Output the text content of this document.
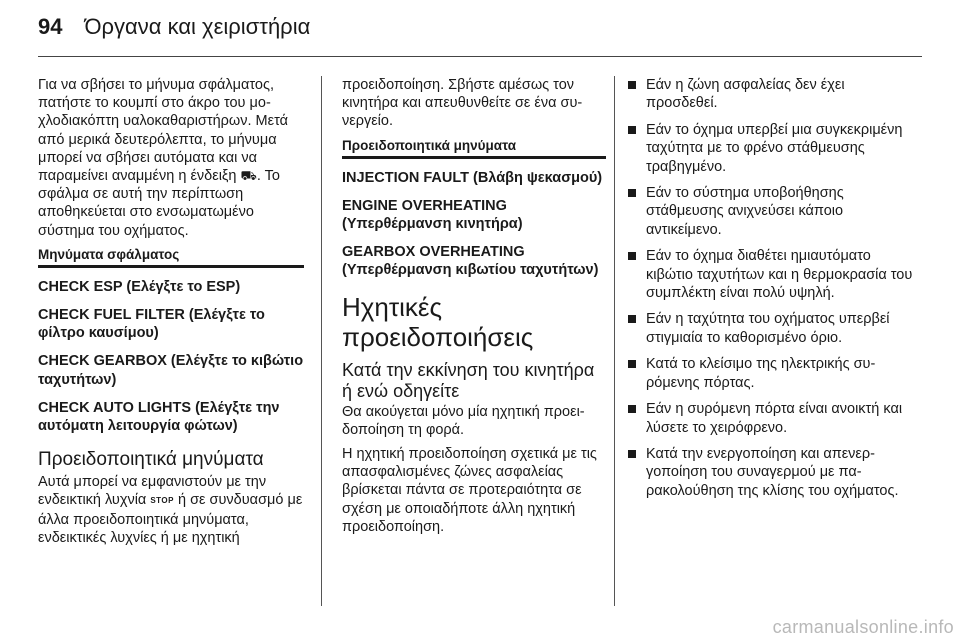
94 Όργανα και χειριστήρια

Για να σβήσει το μήνυμα σφάλματος, πατήστε το κουμπί στο άκρο του μοχλοδιακόπτη υαλοκαθαριστήρων. Μετά από μερικά δευτερόλεπτα, το μήνυμα μπορεί να σβήσει αυτόματα και να παραμείνει αναμμένη η ένδειξη ⛟︎. Το σφάλμα σε αυτή την περίπτωση αποθηκεύεται στο ενσωματωμένο σύστημα του οχήματος.

Μηνύματα σφάλματος
CHECK ESP (Ελέγξτε το ESP)
CHECK FUEL FILTER (Ελέγξτε το φίλτρο καυσίμου)
CHECK GEARBOX (Ελέγξτε το κιβώτιο ταχυτήτων)
CHECK AUTO LIGHTS (Ελέγξτε την αυτόματη λειτουργία φώτων)
Προειδοποιητικά μηνύματα

Αυτά μπορεί να εμφανιστούν με την ενδεικτική λυχνία STOP ή σε συνδυασμό με άλλα προειδοποιητικά μηνύματα, ενδεικτικές λυχνίες ή με ηχητική

προειδοποίηση. Σβήστε αμέσως τον κινητήρα και απευθυνθείτε σε ένα συνεργείο.

Προειδοποιητικά μηνύματα
INJECTION FAULT (Βλάβη ψεκασμού)
ENGINE OVERHEATING (Υπερθέρμανση κινητήρα)
GEARBOX OVERHEATING (Υπερθέρμανση κιβωτίου ταχυτήτων)
Ηχητικές προειδοποιήσεις
Κατά την εκκίνηση του κινητήρα ή ενώ οδηγείτε

Θα ακούγεται μόνο μία ηχητική προειδοποίηση τη φορά.

Η ηχητική προειδοποίηση σχετικά με τις απασφαλισμένες ζώνες ασφαλείας βρίσκεται πάντα σε προτεραιότητα σε σχέση με οποιαδήποτε άλλη ηχητική προειδοποίηση.

Εάν η ζώνη ασφαλείας δεν έχει προσδεθεί.
Εάν το όχημα υπερβεί μια συγκεκριμένη ταχύτητα με το φρένο στάθμευσης τραβηγμένο.
Εάν το σύστημα υποβοήθησης στάθμευσης ανιχνεύσει κάποιο αντικείμενο.
Εάν το όχημα διαθέτει ημιαυτόματο κιβώτιο ταχυτήτων και η θερμοκρασία του συμπλέκτη είναι πολύ υψηλή.
Εάν η ταχύτητα του οχήματος υπερβεί στιγμιαία το καθορισμένο όριο.
Κατά το κλείσιμο της ηλεκτρικής συρόμενης πόρτας.
Εάν η συρόμενη πόρτα είναι ανοικτή και λύσετε το χειρόφρενο.
Κατά την ενεργοποίηση και απενεργοποίηση του συναγερμού με παρακολούθηση της κλίσης του οχήματος.
carmanualsonline.info
